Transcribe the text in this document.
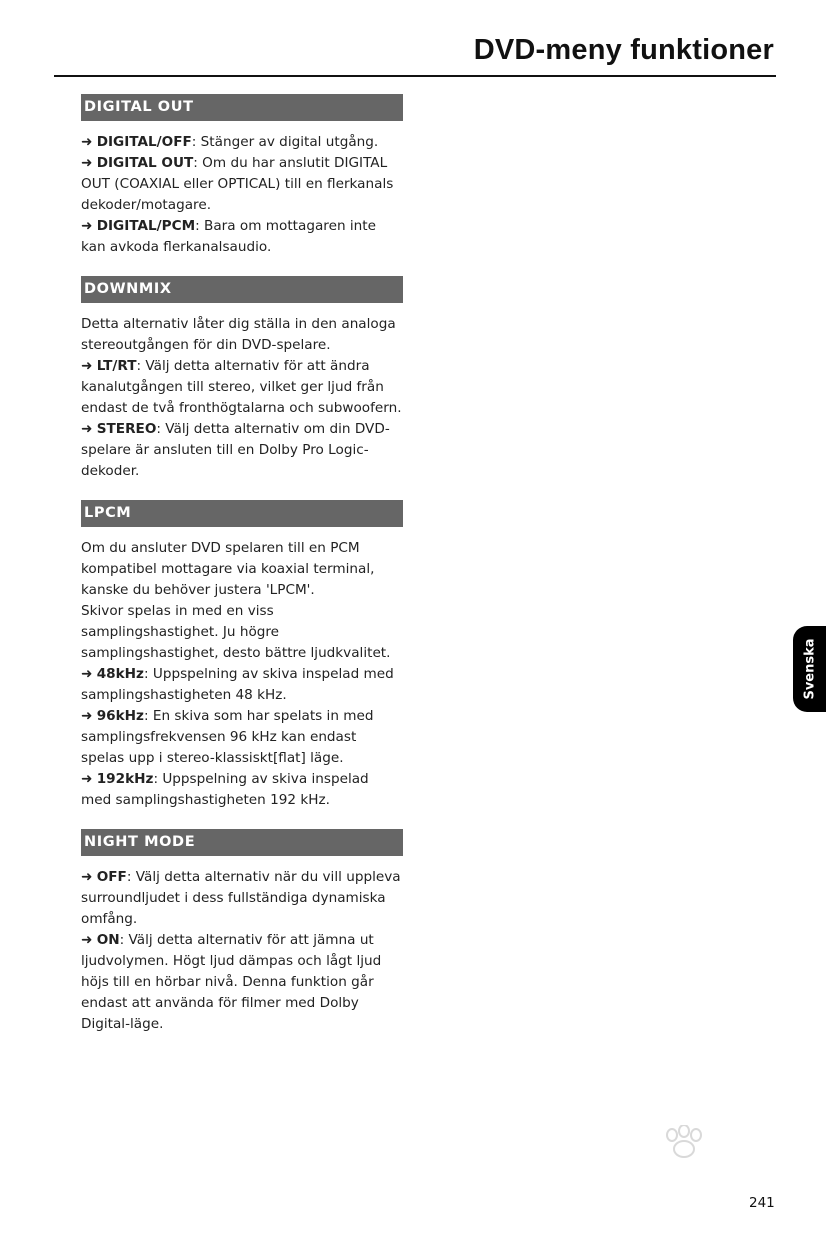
DVD-meny funktioner
DIGITAL OUT

➜ DIGITAL/OFF: Stänger av digital utgång.

➜ DIGITAL OUT: Om du har anslutit DIGITAL OUT (COAXIAL eller OPTICAL) till en flerkanals dekoder/motagare.

➜ DIGITAL/PCM: Bara om mottagaren inte kan avkoda flerkanalsaudio.

DOWNMIX

Detta alternativ låter dig ställa in den analoga stereoutgången för din DVD-spelare.

➜ LT/RT: Välj detta alternativ för att ändra kanalutgången till stereo, vilket ger ljud från endast de två fronthögtalarna och subwoofern.

➜ STEREO: Välj detta alternativ om din DVD-spelare är ansluten till en Dolby Pro Logic-dekoder.

LPCM

Om du ansluter DVD spelaren till en PCM kompatibel mottagare via koaxial terminal, kanske du behöver justera 'LPCM'.

Skivor spelas in med en viss samplingshastighet. Ju högre samplingshastighet, desto bättre ljudkvalitet.

➜ 48kHz: Uppspelning av skiva inspelad med samplingshastigheten 48 kHz.

➜ 96kHz: En skiva som har spelats in med samplingsfrekvensen 96 kHz kan endast spelas upp i stereo-klassiskt[flat] läge.

➜ 192kHz: Uppspelning av skiva inspelad med samplingshastigheten 192 kHz.

NIGHT MODE

➜ OFF: Välj detta alternativ när du vill uppleva surroundljudet i dess fullständiga dynamiska omfång.

➜ ON: Välj detta alternativ för att jämna ut ljudvolymen. Högt ljud dämpas och lågt ljud höjs till en hörbar nivå. Denna funktion går endast att använda för filmer med Dolby Digital-läge.

Svenska
241
